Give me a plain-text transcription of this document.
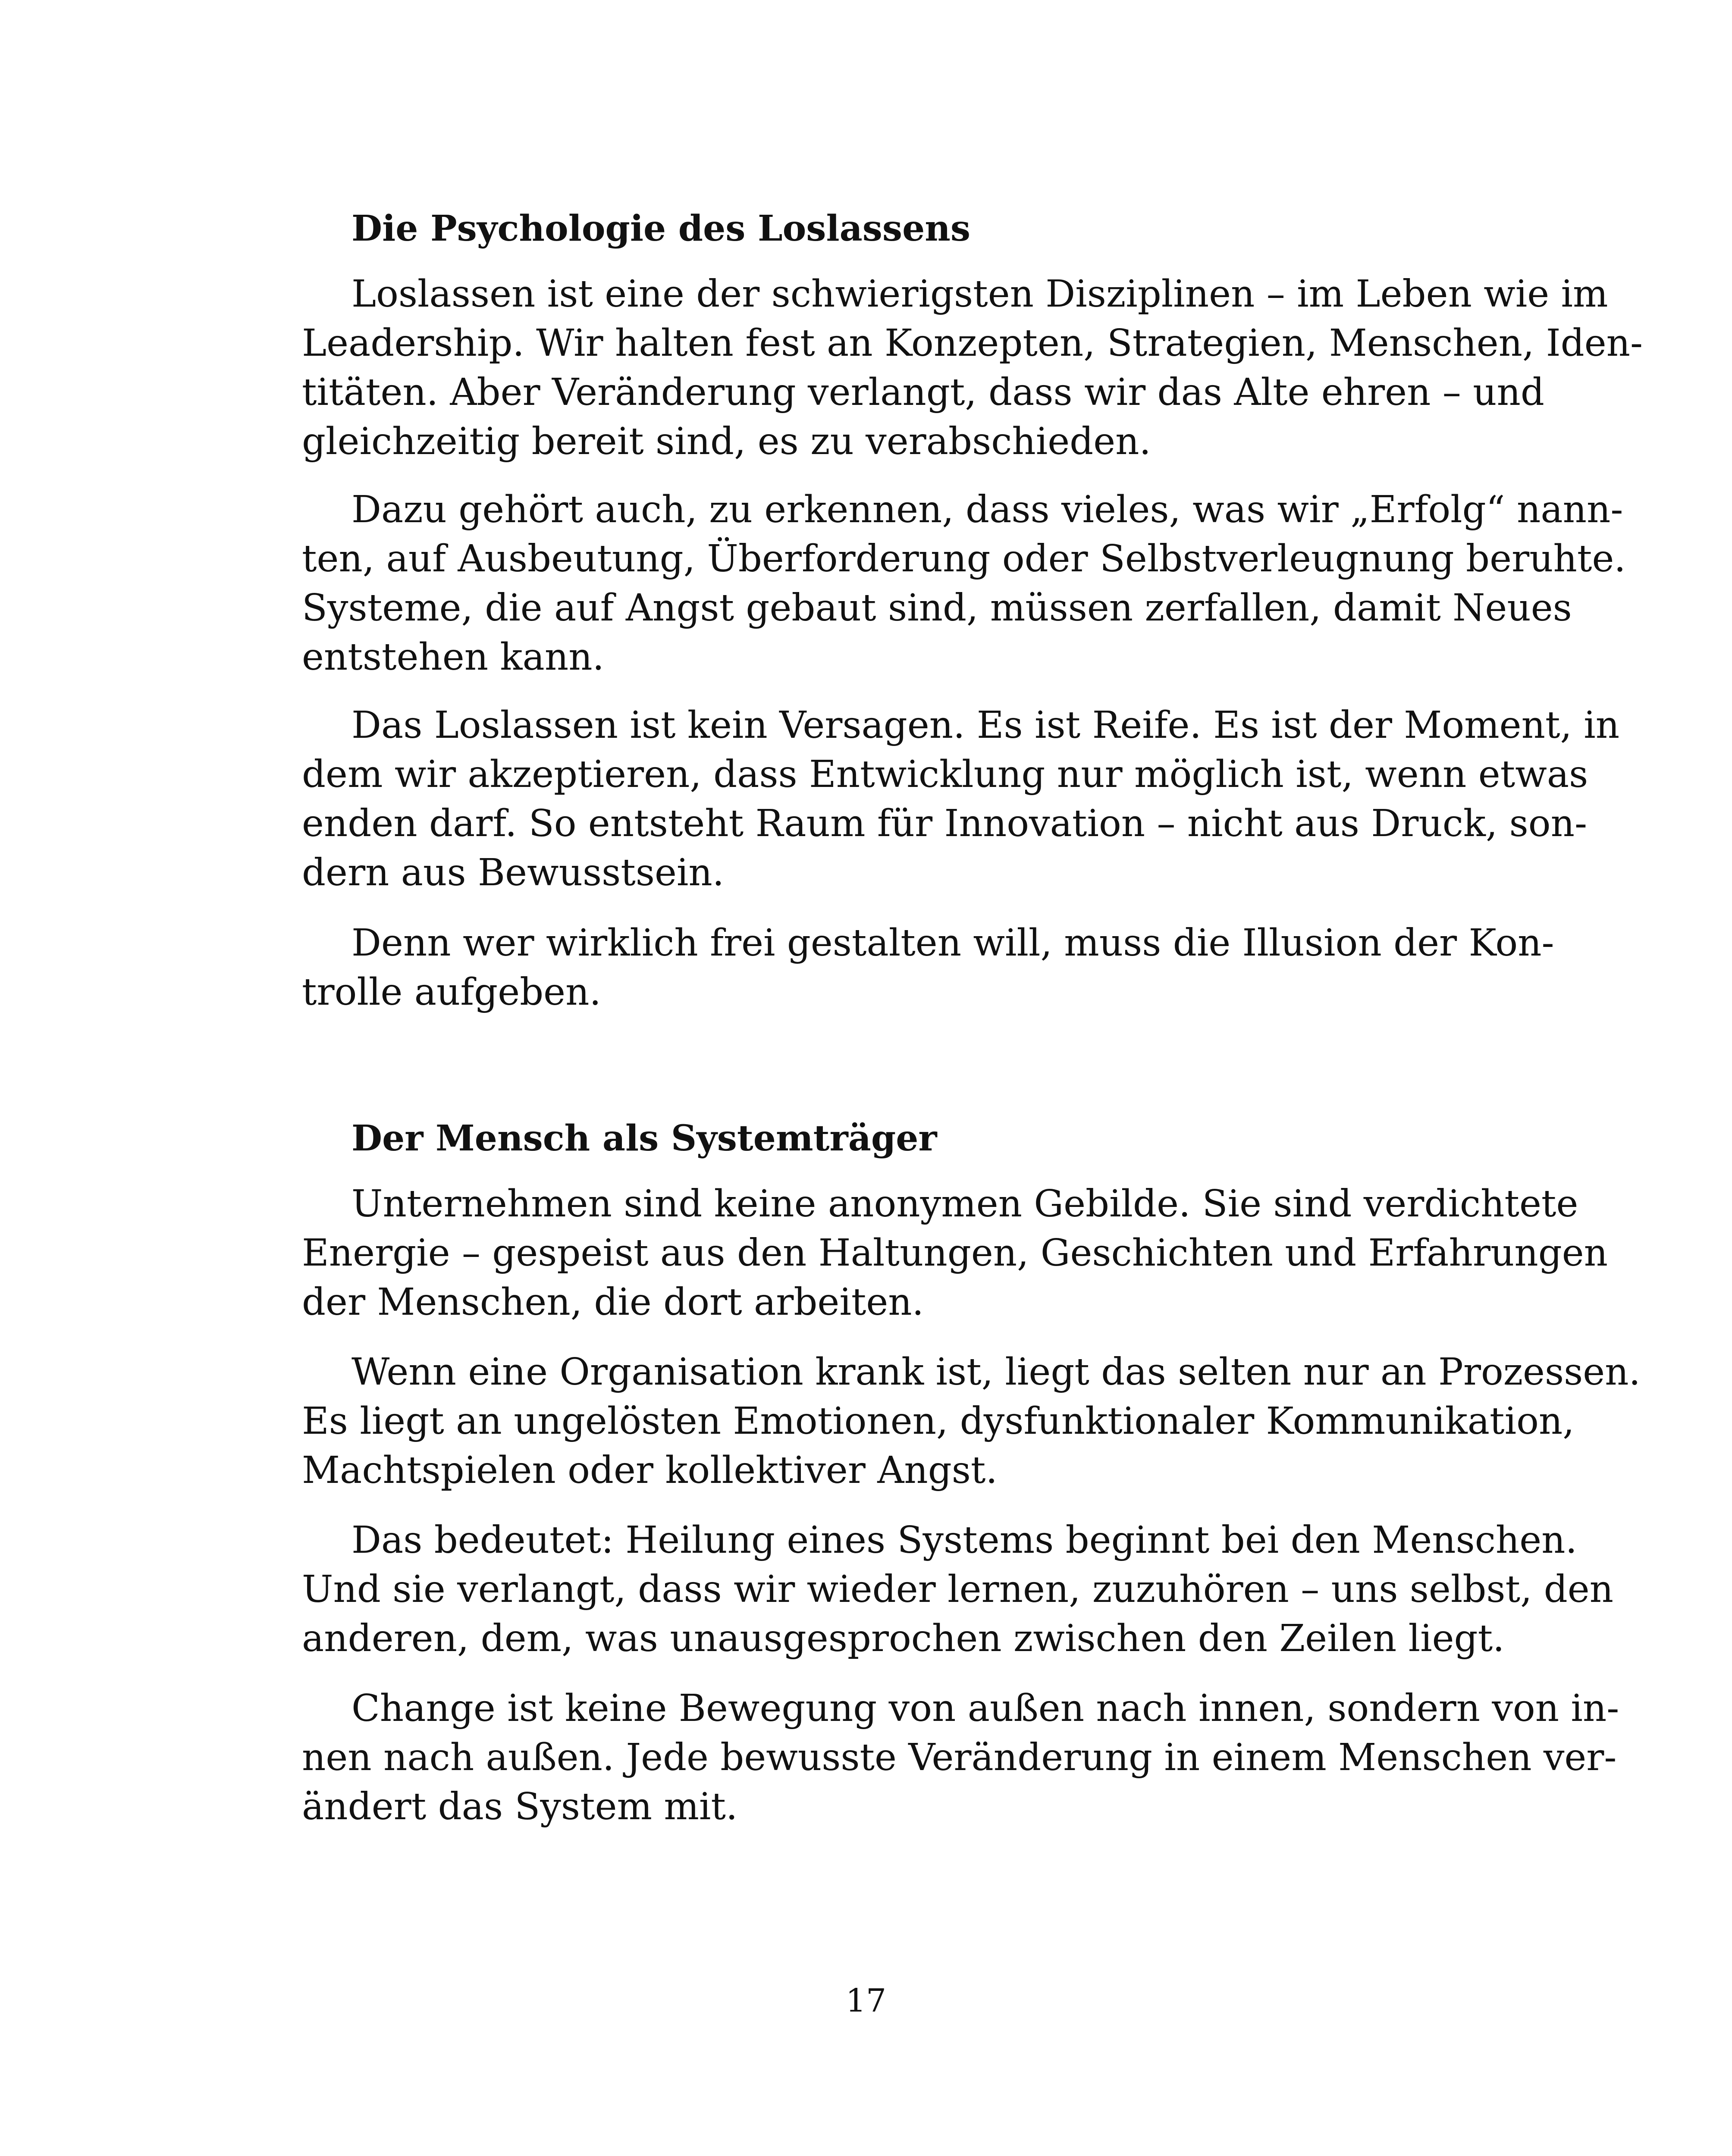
Die Psychologie des Loslassens
Loslassen ist eine der schwierigsten Disziplinen – im Leben wie im
Leadership. Wir halten fest an Konzepten, Strategien, Menschen, Iden-
titäten. Aber Veränderung verlangt, dass wir das Alte ehren – und
gleichzeitig bereit sind, es zu verabschieden.
Dazu gehört auch, zu erkennen, dass vieles, was wir „Erfolg“ nann-
ten, auf Ausbeutung, Überforderung oder Selbstverleugnung beruhte.
Systeme, die auf Angst gebaut sind, müssen zerfallen, damit Neues
entstehen kann.
Das Loslassen ist kein Versagen. Es ist Reife. Es ist der Moment, in
dem wir akzeptieren, dass Entwicklung nur möglich ist, wenn etwas
enden darf. So entsteht Raum für Innovation – nicht aus Druck, son-
dern aus Bewusstsein.
Denn wer wirklich frei gestalten will, muss die Illusion der Kon-
trolle aufgeben.
Der Mensch als Systemträger
Unternehmen sind keine anonymen Gebilde. Sie sind verdichtete
Energie – gespeist aus den Haltungen, Geschichten und Erfahrungen
der Menschen, die dort arbeiten.
Wenn eine Organisation krank ist, liegt das selten nur an Prozessen.
Es liegt an ungelösten Emotionen, dysfunktionaler Kommunikation,
Machtspielen oder kollektiver Angst.
Das bedeutet: Heilung eines Systems beginnt bei den Menschen.
Und sie verlangt, dass wir wieder lernen, zuzuhören – uns selbst, den
anderen, dem, was unausgesprochen zwischen den Zeilen liegt.
Change ist keine Bewegung von außen nach innen, sondern von in-
nen nach außen. Jede bewusste Veränderung in einem Menschen ver-
ändert das System mit.

17
